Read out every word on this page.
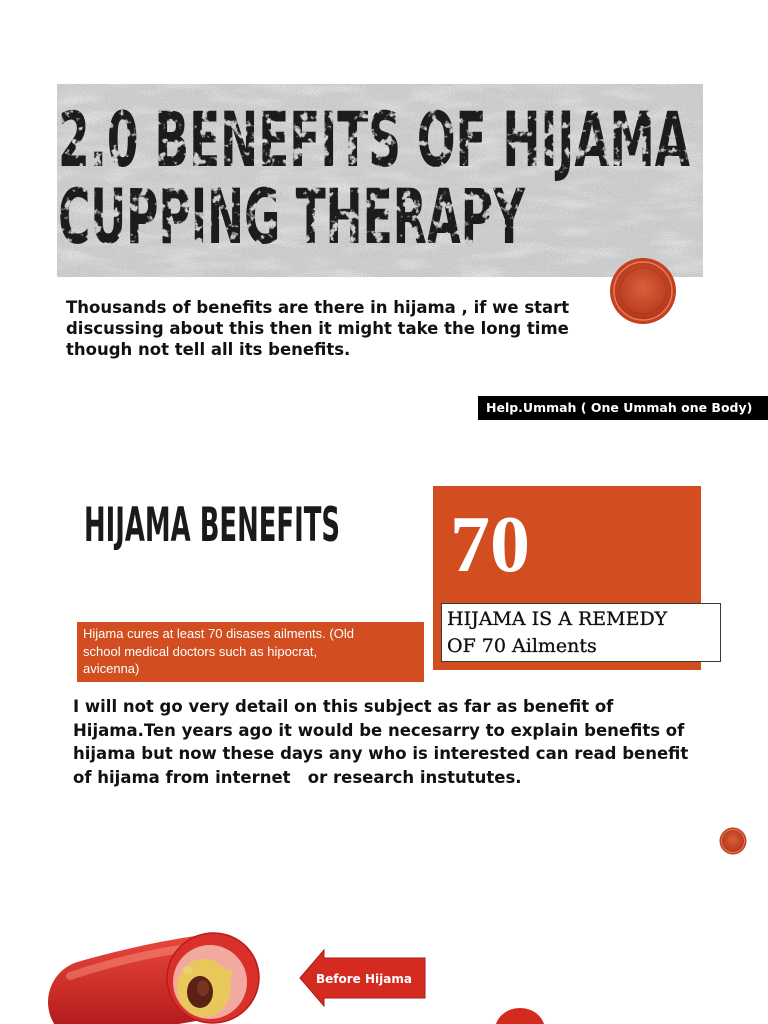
2.0 BENEFITS OF HIJAMA
CUPPING THERAPY
Thousands of benefits are there in hijama , if we start
discussing about this then it might take the long time
though not tell all its benefits.
Help.Ummah ( One Ummah one Body)
HIJAMA BENEFITS 70
HIJAMA IS A REMEDY
OF 70 Ailments
Hijama cures at least 70 disases ailments. (Old
school medical doctors such as hipocrat,
avicenna)
I will not go very detail on this subject as far as benefit of
Hijama.Ten years ago it would be necesarry to explain benefits of
hijama but now these days any who is interested can read benefit
of hijama from internet   or research instututes.
Before Hijama
